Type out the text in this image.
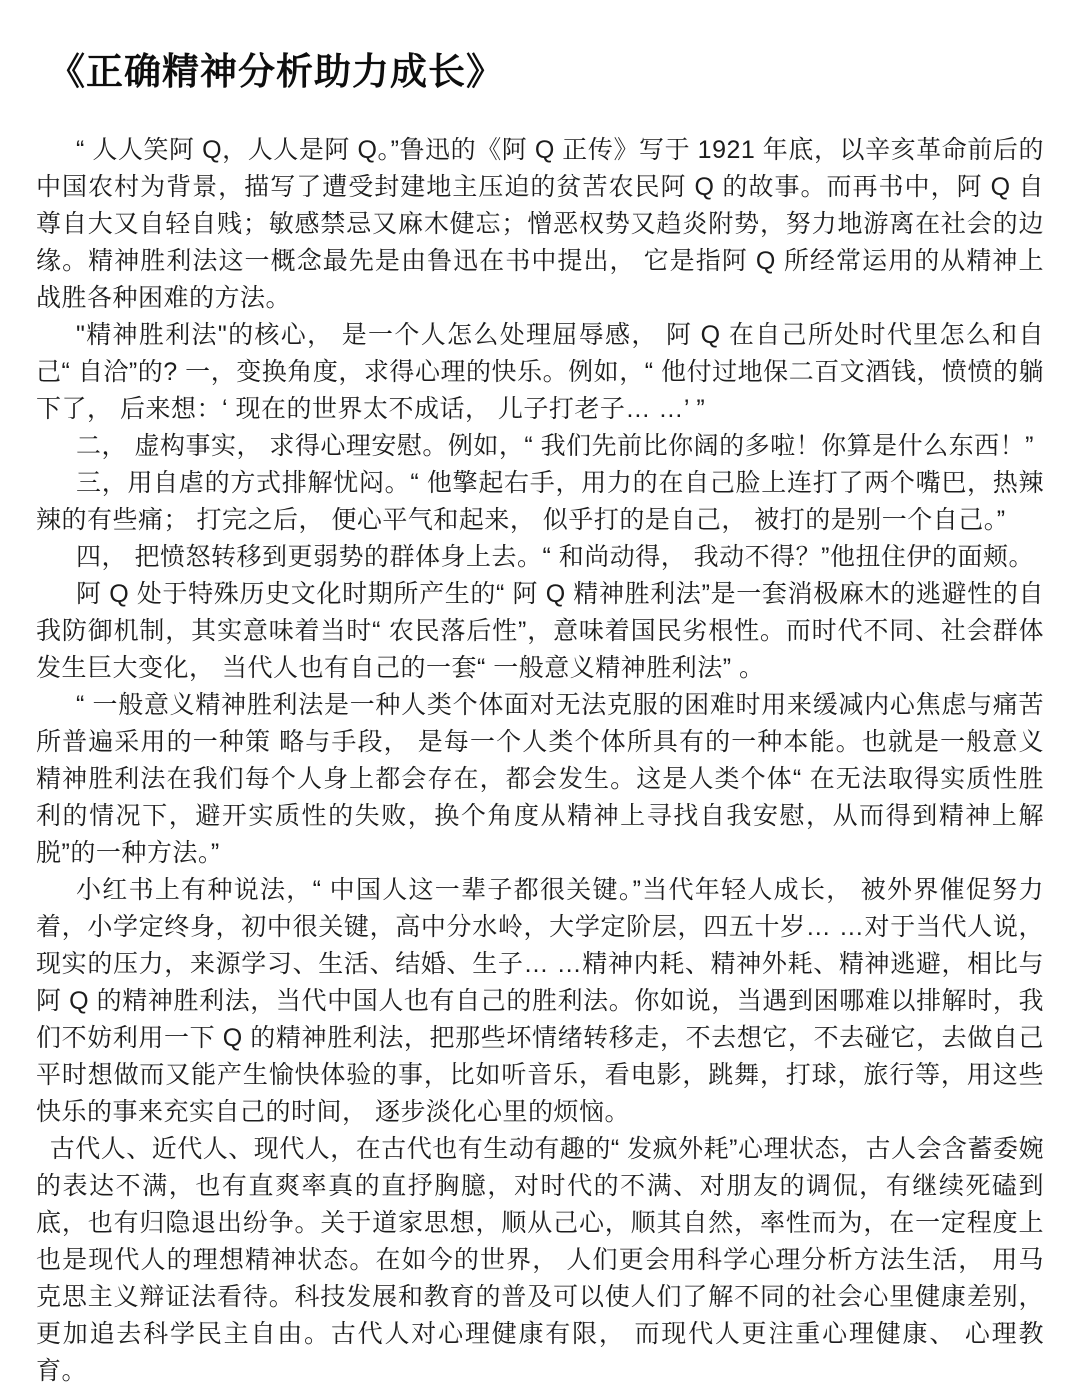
《正确精神分析助力成长》

“ 人人笑阿 Q，人人是阿 Q。”鲁迅的《阿 Q 正传》写于 1921 年底，以辛亥革命前后的中国农村为背景，描写了遭受封建地主压迫的贫苦农民阿 Q 的故事。而再书中，阿 Q 自尊自大又自轻自贱；敏感禁忌又麻木健忘；憎恶权势又趋炎附势，努力地游离在社会的边缘。精神胜利法这一概念最先是由鲁迅在书中提出， 它是指阿 Q 所经常运用的从精神上战胜各种困难的方法。

"精神胜利法"的核心， 是一个人怎么处理屈辱感， 阿 Q 在自己所处时代里怎么和自己“ 自洽”的? 一，变换角度，求得心理的快乐。例如，“ 他付过地保二百文酒钱，愤愤的躺下了， 后来想：‘ 现在的世界太不成话， 儿子打老子… …’ ”

二， 虚构事实， 求得心理安慰。例如，“ 我们先前比你阔的多啦！你算是什么东西！”

三，用自虐的方式排解忧闷。“ 他擎起右手，用力的在自己脸上连打了两个嘴巴，热辣辣的有些痛； 打完之后， 便心平气和起来， 似乎打的是自己， 被打的是别一个自己。”

四， 把愤怒转移到更弱势的群体身上去。“ 和尚动得， 我动不得？”他扭住伊的面颊。

阿 Q 处于特殊历史文化时期所产生的“ 阿 Q 精神胜利法”是一套消极麻木的逃避性的自我防御机制，其实意味着当时“ 农民落后性”，意味着国民劣根性。而时代不同、社会群体发生巨大变化， 当代人也有自己的一套“ 一般意义精神胜利法” 。

“ 一般意义精神胜利法是一种人类个体面对无法克服的困难时用来缓减内心焦虑与痛苦所普遍采用的一种策 略与手段， 是每一个人类个体所具有的一种本能。也就是一般意义精神胜利法在我们每个人身上都会存在，都会发生。这是人类个体“ 在无法取得实质性胜利的情况下，避开实质性的失败，换个角度从精神上寻找自我安慰，从而得到精神上解脱”的一种方法。”

小红书上有种说法，“ 中国人这一辈子都很关键。”当代年轻人成长， 被外界催促努力着，小学定终身，初中很关键，高中分水岭，大学定阶层，四五十岁… …对于当代人说，现实的压力，来源学习、生活、结婚、生子… …精神内耗、精神外耗、精神逃避，相比与阿 Q 的精神胜利法，当代中国人也有自己的胜利法。你如说，当遇到困哪难以排解时，我们不妨利用一下 Q 的精神胜利法，把那些坏情绪转移走，不去想它，不去碰它，去做自己平时想做而又能产生愉快体验的事，比如听音乐，看电影，跳舞，打球，旅行等，用这些快乐的事来充实自己的时间， 逐步淡化心里的烦恼。

古代人、近代人、现代人，在古代也有生动有趣的“ 发疯外耗”心理状态，古人会含蓄委婉的表达不满，也有直爽率真的直抒胸臆，对时代的不满、对朋友的调侃，有继续死磕到底，也有归隐退出纷争。关于道家思想，顺从己心，顺其自然，率性而为，在一定程度上也是现代人的理想精神状态。在如今的世界， 人们更会用科学心理分析方法生活， 用马克思主义辩证法看待。科技发展和教育的普及可以使人们了解不同的社会心里健康差别，更加追去科学民主自由。古代人对心理健康有限， 而现代人更注重心理健康、 心理教育。
